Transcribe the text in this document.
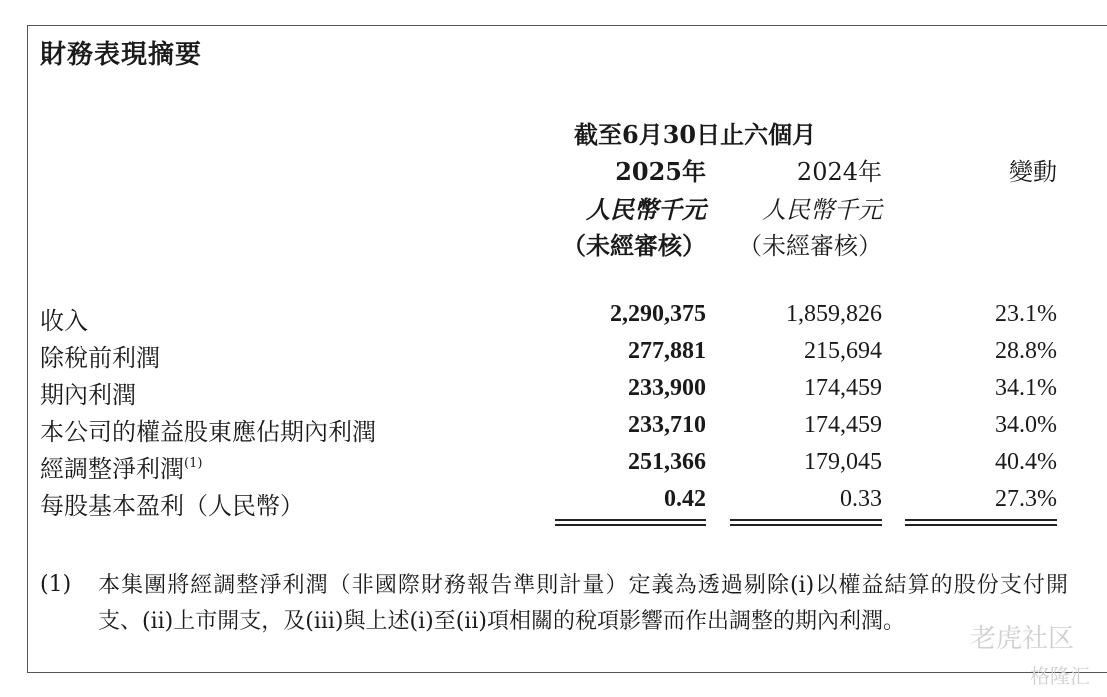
財務表現摘要
截至6月30日止六個月
2025年	2024年	變動
人民幣千元	人民幣千元
（未經審核）	（未經審核）
收入	2,290,375	1,859,826	23.1%
除稅前利潤	277,881	215,694	28.8%
期內利潤	233,900	174,459	34.1%
本公司的權益股東應佔期內利潤	233,710	174,459	34.0%
經調整淨利潤$^{(1)}$	251,366	179,045	40.4%
每股基本盈利（人民幣）	0.42	0.33	27.3%
(1) 本集團將經調整淨利潤（非國際財務報告準則計量）定義為透過剔除(i)以權益結算的股份支付開支、(ii)上市開支，及(iii)與上述(i)至(ii)項相關的稅項影響而作出調整的期內利潤。
老虎社区
格隆汇
